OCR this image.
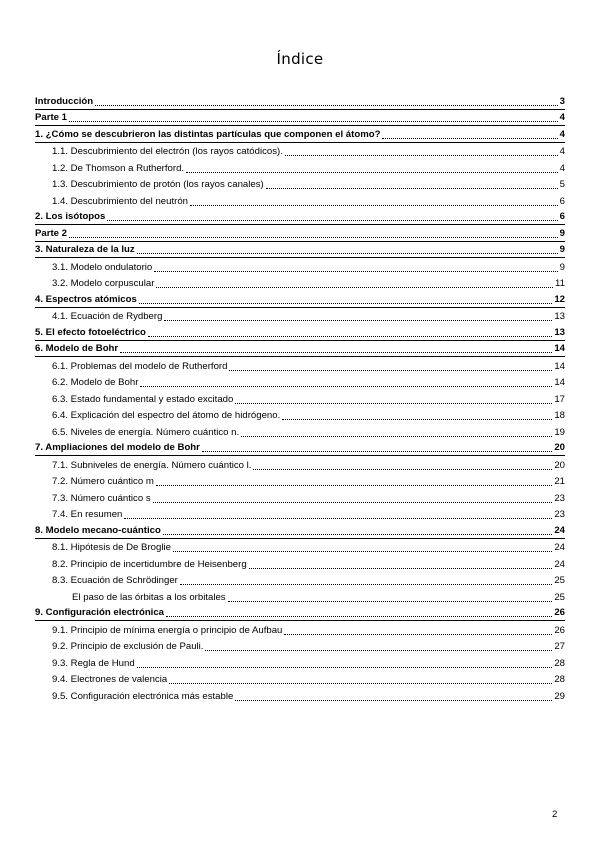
Índice
Introducción	3
Parte 1	4
1. ¿Cómo se descubrieron las distintas partículas que componen el átomo?	4
1.1. Descubrimiento del electrón (los rayos catódicos).	4
1.2. De Thomson a Rutherford.	4
1.3. Descubrimiento de protón (los rayos canales)	5
1.4. Descubrimiento del neutrón	6
2. Los isótopos	6
Parte 2	9
3. Naturaleza de la luz	9
3.1. Modelo ondulatorio	9
3.2. Modelo corpuscular	11
4. Espectros atómicos	12
4.1. Ecuación de Rydberg	13
5. El efecto fotoeléctrico	13
6. Modelo de Bohr	14
6.1. Problemas del modelo de Rutherford	14
6.2. Modelo de Bohr	14
6.3. Estado fundamental y estado excitado	17
6.4. Explicación del espectro del átomo de hidrógeno.	18
6.5. Niveles de energía. Número cuántico n.	19
7. Ampliaciones del modelo de Bohr	20
7.1. Subniveles de energía. Número cuántico l.	20
7.2. Número cuántico m	21
7.3. Número cuántico s	23
7.4. En resumen	23
8. Modelo mecano-cuántico	24
8.1. Hipótesis de De Broglie	24
8.2. Principio de incertidumbre de Heisenberg	24
8.3. Ecuación de Schrödinger	25
El paso de las órbitas a los orbitales	25
9. Configuración electrónica	26
9.1. Principio de mínima energía o principio de Aufbau	26
9.2. Principio de exclusión de Pauli.	27
9.3. Regla de Hund	28
9.4. Electrones de valencia	28
9.5. Configuración electrónica más estable	29
2
